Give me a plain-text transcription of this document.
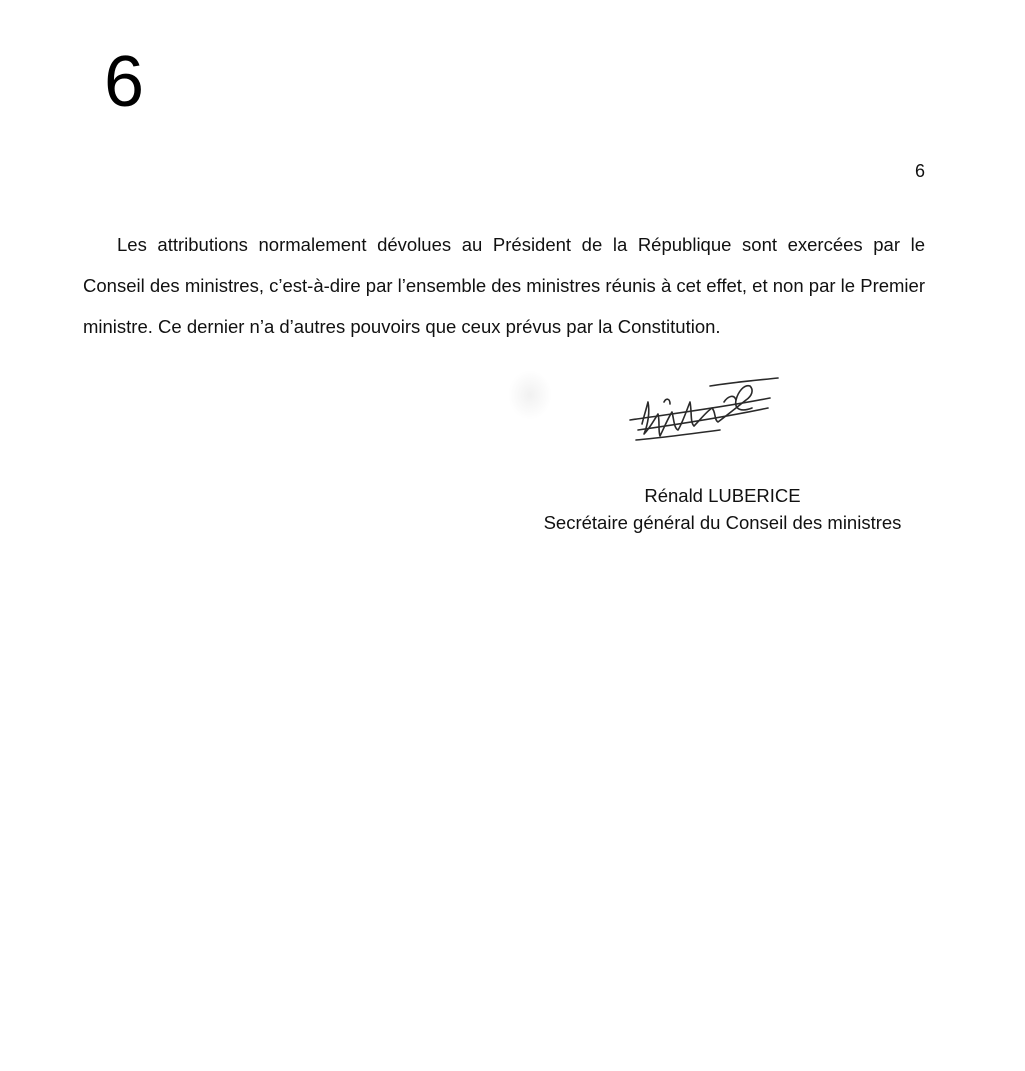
6
6

Les attributions normalement dévolues au Président de la République sont exercées par le Conseil des ministres, c’est-à-dire par l’ensemble des ministres réunis à cet effet, et non par le Premier ministre. Ce dernier n’a d’autres pouvoirs que ceux prévus par la Constitution.

Rénald LUBERICE
Secrétaire général du Conseil des ministres
